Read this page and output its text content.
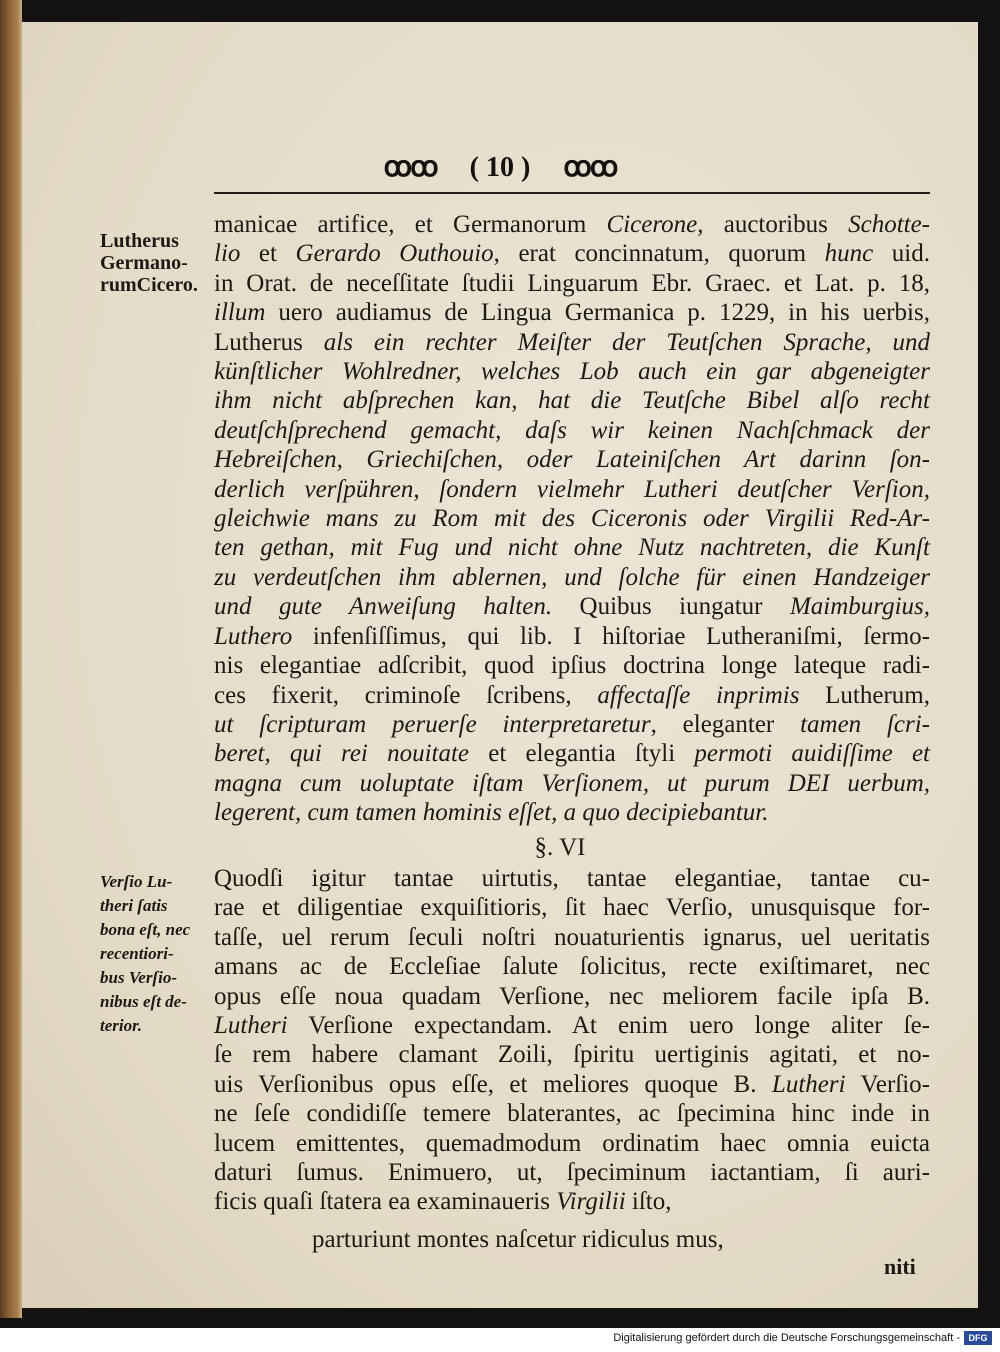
ꝏꝏ ( 10 ) ꝏꝏ
Lutherus
Germano-
rumCicero.
manicae artifice, et Germanorum Cicerone, auctoribus Schotte-
lio et Gerardo Outhouio, erat concinnatum, quorum hunc uid.
in Orat. de neceſſitate ſtudii Linguarum Ebr. Graec. et Lat. p. 18,
illum uero audiamus de Lingua Germanica p. 1229, in his uerbis,
Lutherus als ein rechter Meiſter der Teutſchen Sprache, und
künſtlicher Wohlredner, welches Lob auch ein gar abgeneigter
ihm nicht abſprechen kan, hat die Teutſche Bibel alſo recht
deutſchſprechend gemacht, daſs wir keinen Nachſchmack der
Hebreiſchen, Griechiſchen, oder Lateiniſchen Art darinn ſon-
derlich verſpühren, ſondern vielmehr Lutheri deutſcher Verſion,
gleichwie mans zu Rom mit des Ciceronis oder Virgilii Red-Ar-
ten gethan, mit Fug und nicht ohne Nutz nachtreten, die Kunſt
zu verdeutſchen ihm ablernen, und ſolche für einen Handzeiger
und gute Anweiſung halten. Quibus iungatur Maimburgius,
Luthero infenſiſſimus, qui lib. I hiſtoriae Lutheraniſmi, ſermo-
nis elegantiae adſcribit, quod ipſius doctrina longe lateque radi-
ces fixerit, criminoſe ſcribens, affectaſſe inprimis Lutherum,
ut ſcripturam peruerſe interpretaretur, eleganter tamen ſcri-
beret, qui rei nouitate et elegantia ſtyli permoti auidiſſime et
magna cum uoluptate iſtam Verſionem, ut purum DEI uerbum,
legerent, cum tamen hominis eſſet, a quo decipiebantur.
§. VI
Verſio Lu-
theri ſatis
bona eſt, nec
recentiori-
bus Verſio-
nibus eſt de-
terior.
Quodſi igitur tantae uirtutis, tantae elegantiae, tantae cu-
rae et diligentiae exquiſitioris, ſit haec Verſio, unusquisque for-
taſſe, uel rerum ſeculi noſtri nouaturientis ignarus, uel ueritatis
amans ac de Eccleſiae ſalute ſolicitus, recte exiſtimaret, nec
opus eſſe noua quadam Verſione, nec meliorem facile ipſa B.
Lutheri Verſione expectandam. At enim uero longe aliter ſe-
ſe rem habere clamant Zoili, ſpiritu uertiginis agitati, et no-
uis Verſionibus opus eſſe, et meliores quoque B. Lutheri Verſio-
ne ſeſe condidiſſe temere blaterantes, ac ſpecimina hinc inde in
lucem emittentes, quemadmodum ordinatim haec omnia euicta
daturi ſumus. Enimuero, ut, ſpeciminum iactantiam, ſi auri-
ficis quaſi ſtatera ea examinaueris Virgilii iſto,
parturiunt montes naſcetur ridiculus mus,
niti
Digitalisierung gefördert durch die Deutsche Forschungsgemeinschaft - DFG
